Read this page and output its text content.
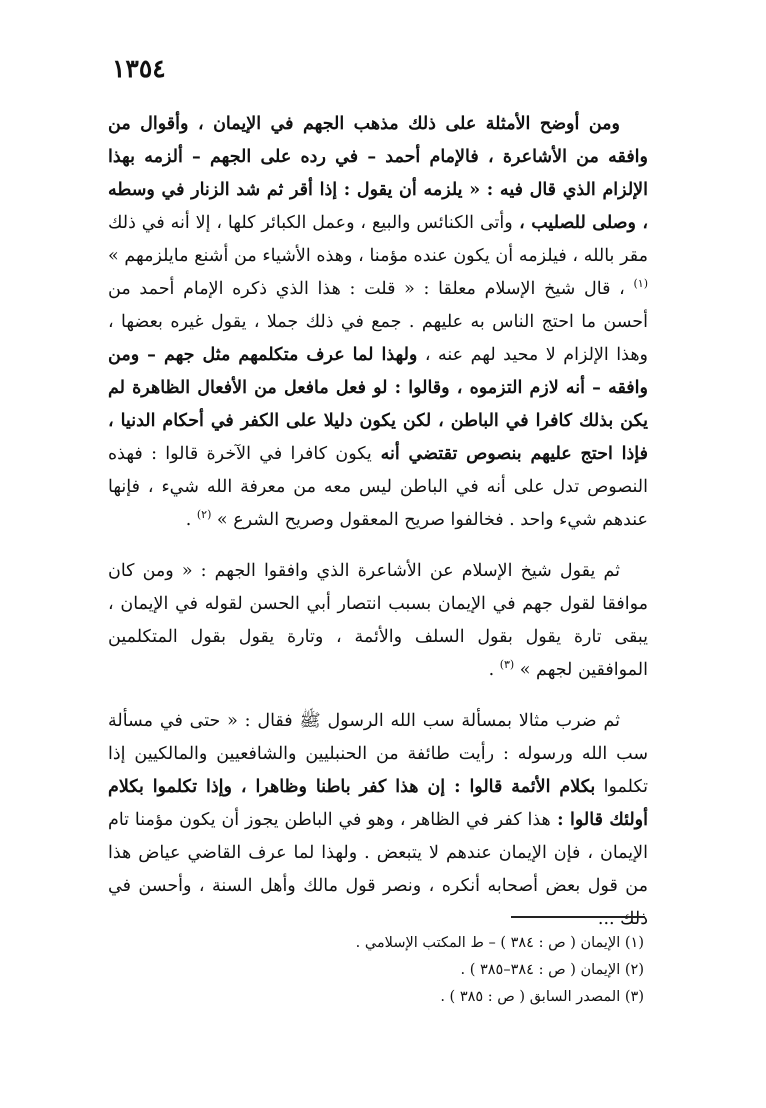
١٣٥٤

ومن أوضح الأمثلة على ذلك مذهب الجهم في الإيمان ، وأقوال من وافقه من الأشاعرة ، فالإمام أحمد – في رده على الجهم – ألزمه بهذا الإلزام الذي قال فيه : « يلزمه أن يقول : إذا أقر ثم شد الزنار في وسطه ، وصلى للصليب ، وأتى الكنائس والبيع ، وعمل الكبائر كلها ، إلا أنه في ذلك مقر بالله ، فيلزمه أن يكون عنده مؤمنا ، وهذه الأشياء من أشنع مايلزمهم » $^{(١)}$ ، قال شيخ الإسلام معلقا : « قلت : هذا الذي ذكره الإمام أحمد من أحسن ما احتج الناس به عليهم . جمع في ذلك جملا ، يقول غيره بعضها ، وهذا الإلزام لا محيد لهم عنه ، ولهذا لما عرف متكلمهم مثل جهم – ومن وافقه – أنه لازم التزموه ، وقالوا : لو فعل مافعل من الأفعال الظاهرة لم يكن بذلك كافرا في الباطن ، لكن يكون دليلا على الكفر في أحكام الدنيا ، فإذا احتج عليهم بنصوص تقتضي أنه يكون كافرا في الآخرة قالوا : فهذه النصوص تدل على أنه في الباطن ليس معه من معرفة الله شيء ، فإنها عندهم شيء واحد . فخالفوا صريح المعقول وصريح الشرع » $^{(٢)}$ .

ثم يقول شيخ الإسلام عن الأشاعرة الذي وافقوا الجهم : « ومن كان موافقا لقول جهم في الإيمان بسبب انتصار أبي الحسن لقوله في الإيمان ، يبقى تارة يقول بقول السلف والأئمة ، وتارة يقول بقول المتكلمين الموافقين لجهم » $^{(٣)}$ .

ثم ضرب مثالا بمسألة سب الله الرسول ﷺ فقال : « حتى في مسألة سب الله ورسوله : رأيت طائفة من الحنبليين والشافعيين والمالكيين إذا تكلموا بكلام الأئمة قالوا : إن هذا كفر باطنا وظاهرا ، وإذا تكلموا بكلام أولئك قالوا : هذا كفر في الظاهر ، وهو في الباطن يجوز أن يكون مؤمنا تام الإيمان ، فإن الإيمان عندهم لا يتبعض . ولهذا لما عرف القاضي عياض هذا من قول بعض أصحابه أنكره ، ونصر قول مالك وأهل السنة ، وأحسن في ذلك ...

(١) الإيمان ( ص : ٣٨٤ ) – ط المكتب الإسلامي .
(٢) الإيمان ( ص : ٣٨٤–٣٨٥ ) .
(٣) المصدر السابق ( ص : ٣٨٥ ) .
